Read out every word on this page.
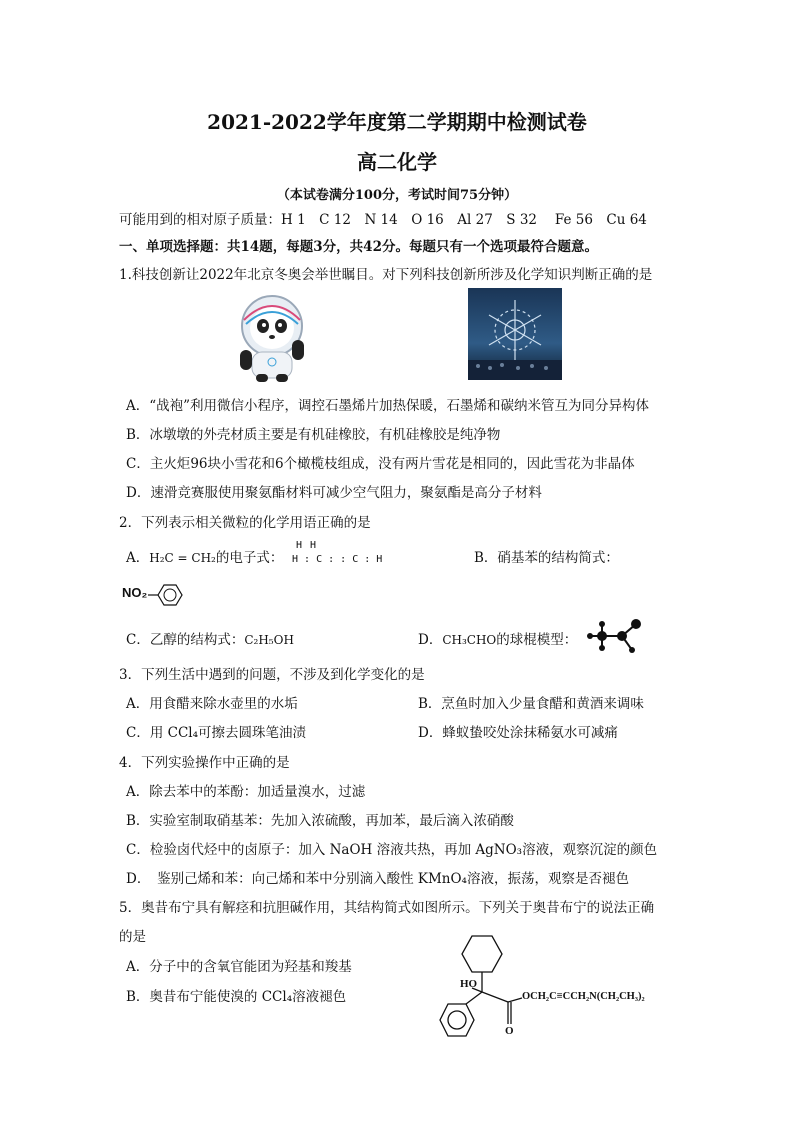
2021-2022学年度第二学期期中检测试卷
高二化学
（本试卷满分100分，考试时间75分钟）
可能用到的相对原子质量：H 1　C 12　N 14　O 16　Al 27　S 32　 Fe 56　Cu 64
一、单项选择题：共14题，每题3分，共42分。每题只有一个选项最符合题意。
1.科技创新让2022年北京冬奥会举世瞩目。对下列科技创新所涉及化学知识判断正确的是
A．“战袍”利用微信小程序，调控石墨烯片加热保暖，石墨烯和碳纳米管互为同分异构体
B．冰墩墩的外壳材质主要是有机硅橡胶，有机硅橡胶是纯净物
C．主火炬96块小雪花和6个橄榄枝组成，没有两片雪花是相同的，因此雪花为非晶体
D．速滑竞赛服使用聚氨酯材料可减少空气阻力，聚氨酯是高分子材料
2．下列表示相关微粒的化学用语正确的是
A．H₂C = CH₂的电子式：
H H
H : C : : C : H	B．硝基苯的结构简式：
NO₂
C．乙醇的结构式：C₂H₅OH	D．CH₃CHO的球棍模型：
3．下列生活中遇到的问题，不涉及到化学变化的是
A．用食醋来除水壶里的水垢	B．烹鱼时加入少量食醋和黄酒来调味
C．用 CCl₄可擦去圆珠笔油渍	D．蜂蚁蛰咬处涂抹稀氨水可减痛
4．下列实验操作中正确的是
A．除去苯中的苯酚：加适量溴水，过滤
B．实验室制取硝基苯：先加入浓硫酸，再加苯，最后滴入浓硝酸
C．检验卤代烃中的卤原子：加入 NaOH 溶液共热，再加 AgNO₃溶液，观察沉淀的颜色
D．　鉴别己烯和苯：向己烯和苯中分别滴入酸性 KMnO₄溶液，振荡，观察是否褪色
5．奥昔布宁具有解痉和抗胆碱作用，其结构简式如图所示。下列关于奥昔布宁的说法正确
的是
A．分子中的含氧官能团为羟基和羧基
B．奥昔布宁能使溴的 CCl₄溶液褪色
HO
OCH₂C≡CCH₂N(CH₂CH₃)₂
O
